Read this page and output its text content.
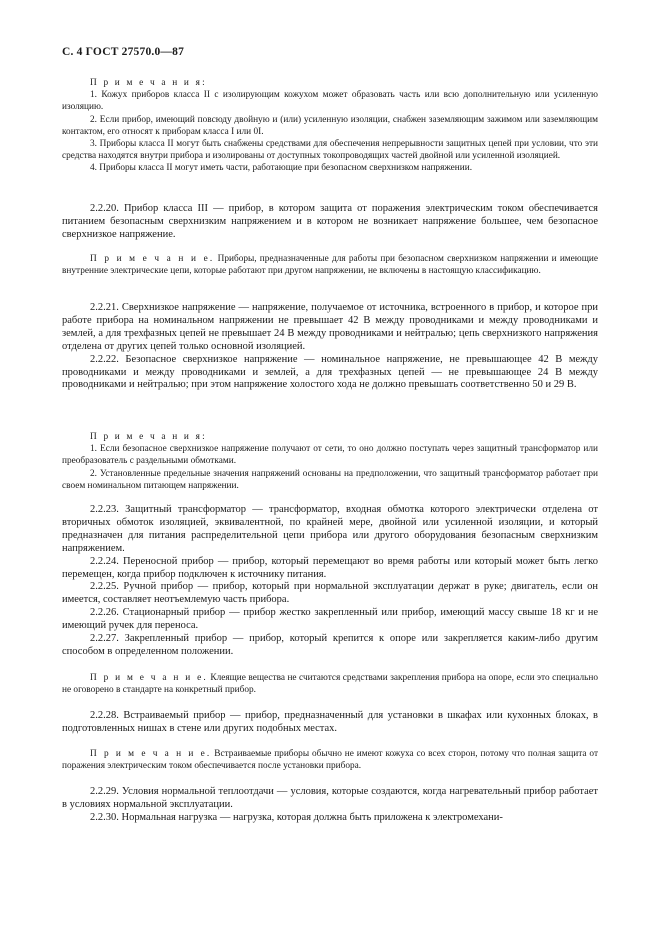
С. 4 ГОСТ 27570.0—87

П р и м е ч а н и я:

1. Кожух приборов класса II с изолирующим кожухом может образовать часть или всю дополнительную или усиленную изоляцию.

2. Если прибор, имеющий повсюду двойную и (или) усиленную изоляции, снабжен заземляющим зажимом или заземляющим контактом, его относят к приборам класса I или 0I.

3. Приборы класса II могут быть снабжены средствами для обеспечения непрерывности защитных цепей при условии, что эти средства находятся внутри прибора и изолированы от доступных токопроводящих частей двойной или усиленной изоляцией.

4. Приборы класса II могут иметь части, работающие при безопасном сверхнизком напряжении.

2.2.20. Прибор класса III — прибор, в котором защита от поражения электрическим током обеспечивается питанием безопасным сверхнизким напряжением и в котором не возникает напряжение большее, чем безопасное сверхнизкое напряжение.

П р и м е ч а н и е. Приборы, предназначенные для работы при безопасном сверхнизком напряжении и имеющие внутренние электрические цепи, которые работают при другом напряжении, не включены в настоящую классификацию.

2.2.21. Сверхнизкое напряжение — напряжение, получаемое от источника, встроенного в прибор, и которое при работе прибора на номинальном напряжении не превышает 42 В между проводниками и между проводниками и землей, а для трехфазных цепей не превышает 24 В между проводниками и нейтралью; цепь сверхнизкого напряжения отделена от других цепей только основной изоляцией.

2.2.22. Безопасное сверхнизкое напряжение — номинальное напряжение, не превышающее 42 В между проводниками и между проводниками и землей, а для трехфазных цепей — не превышающее 24 В между проводниками и нейтралью; при этом напряжение холостого хода не должно превышать соответственно 50 и 29 В.

П р и м е ч а н и я:

1. Если безопасное сверхнизкое напряжение получают от сети, то оно должно поступать через защитный трансформатор или преобразователь с раздельными обмотками.

2. Установленные предельные значения напряжений основаны на предположении, что защитный трансформатор работает при своем номинальном питающем напряжении.

2.2.23. Защитный трансформатор — трансформатор, входная обмотка которого электрически отделена от вторичных обмоток изоляцией, эквивалентной, по крайней мере, двойной или усиленной изоляции, и который предназначен для питания распределительной цепи прибора или другого оборудования безопасным сверхнизким напряжением.

2.2.24. Переносной прибор — прибор, который перемещают во время работы или который может быть легко перемещен, когда прибор подключен к источнику питания.

2.2.25. Ручной прибор — прибор, который при нормальной эксплуатации держат в руке; двигатель, если он имеется, составляет неотъемлемую часть прибора.

2.2.26. Стационарный прибор — прибор жестко закрепленный или прибор, имеющий массу свыше 18 кг и не имеющий ручек для переноса.

2.2.27. Закрепленный прибор — прибор, который крепится к опоре или закрепляется каким-либо другим способом в определенном положении.

П р и м е ч а н и е. Клеящие вещества не считаются средствами закрепления прибора на опоре, если это специально не оговорено в стандарте на конкретный прибор.

2.2.28. Встраиваемый прибор — прибор, предназначенный для установки в шкафах или кухонных блоках, в подготовленных нишах в стене или других подобных местах.

П р и м е ч а н и е. Встраиваемые приборы обычно не имеют кожуха со всех сторон, потому что полная защита от поражения электрическим током обеспечивается после установки прибора.

2.2.29. Условия нормальной теплоотдачи — условия, которые создаются, когда нагревательный прибор работает в условиях нормальной эксплуатации.

2.2.30. Нормальная нагрузка — нагрузка, которая должна быть приложена к электромехани-
